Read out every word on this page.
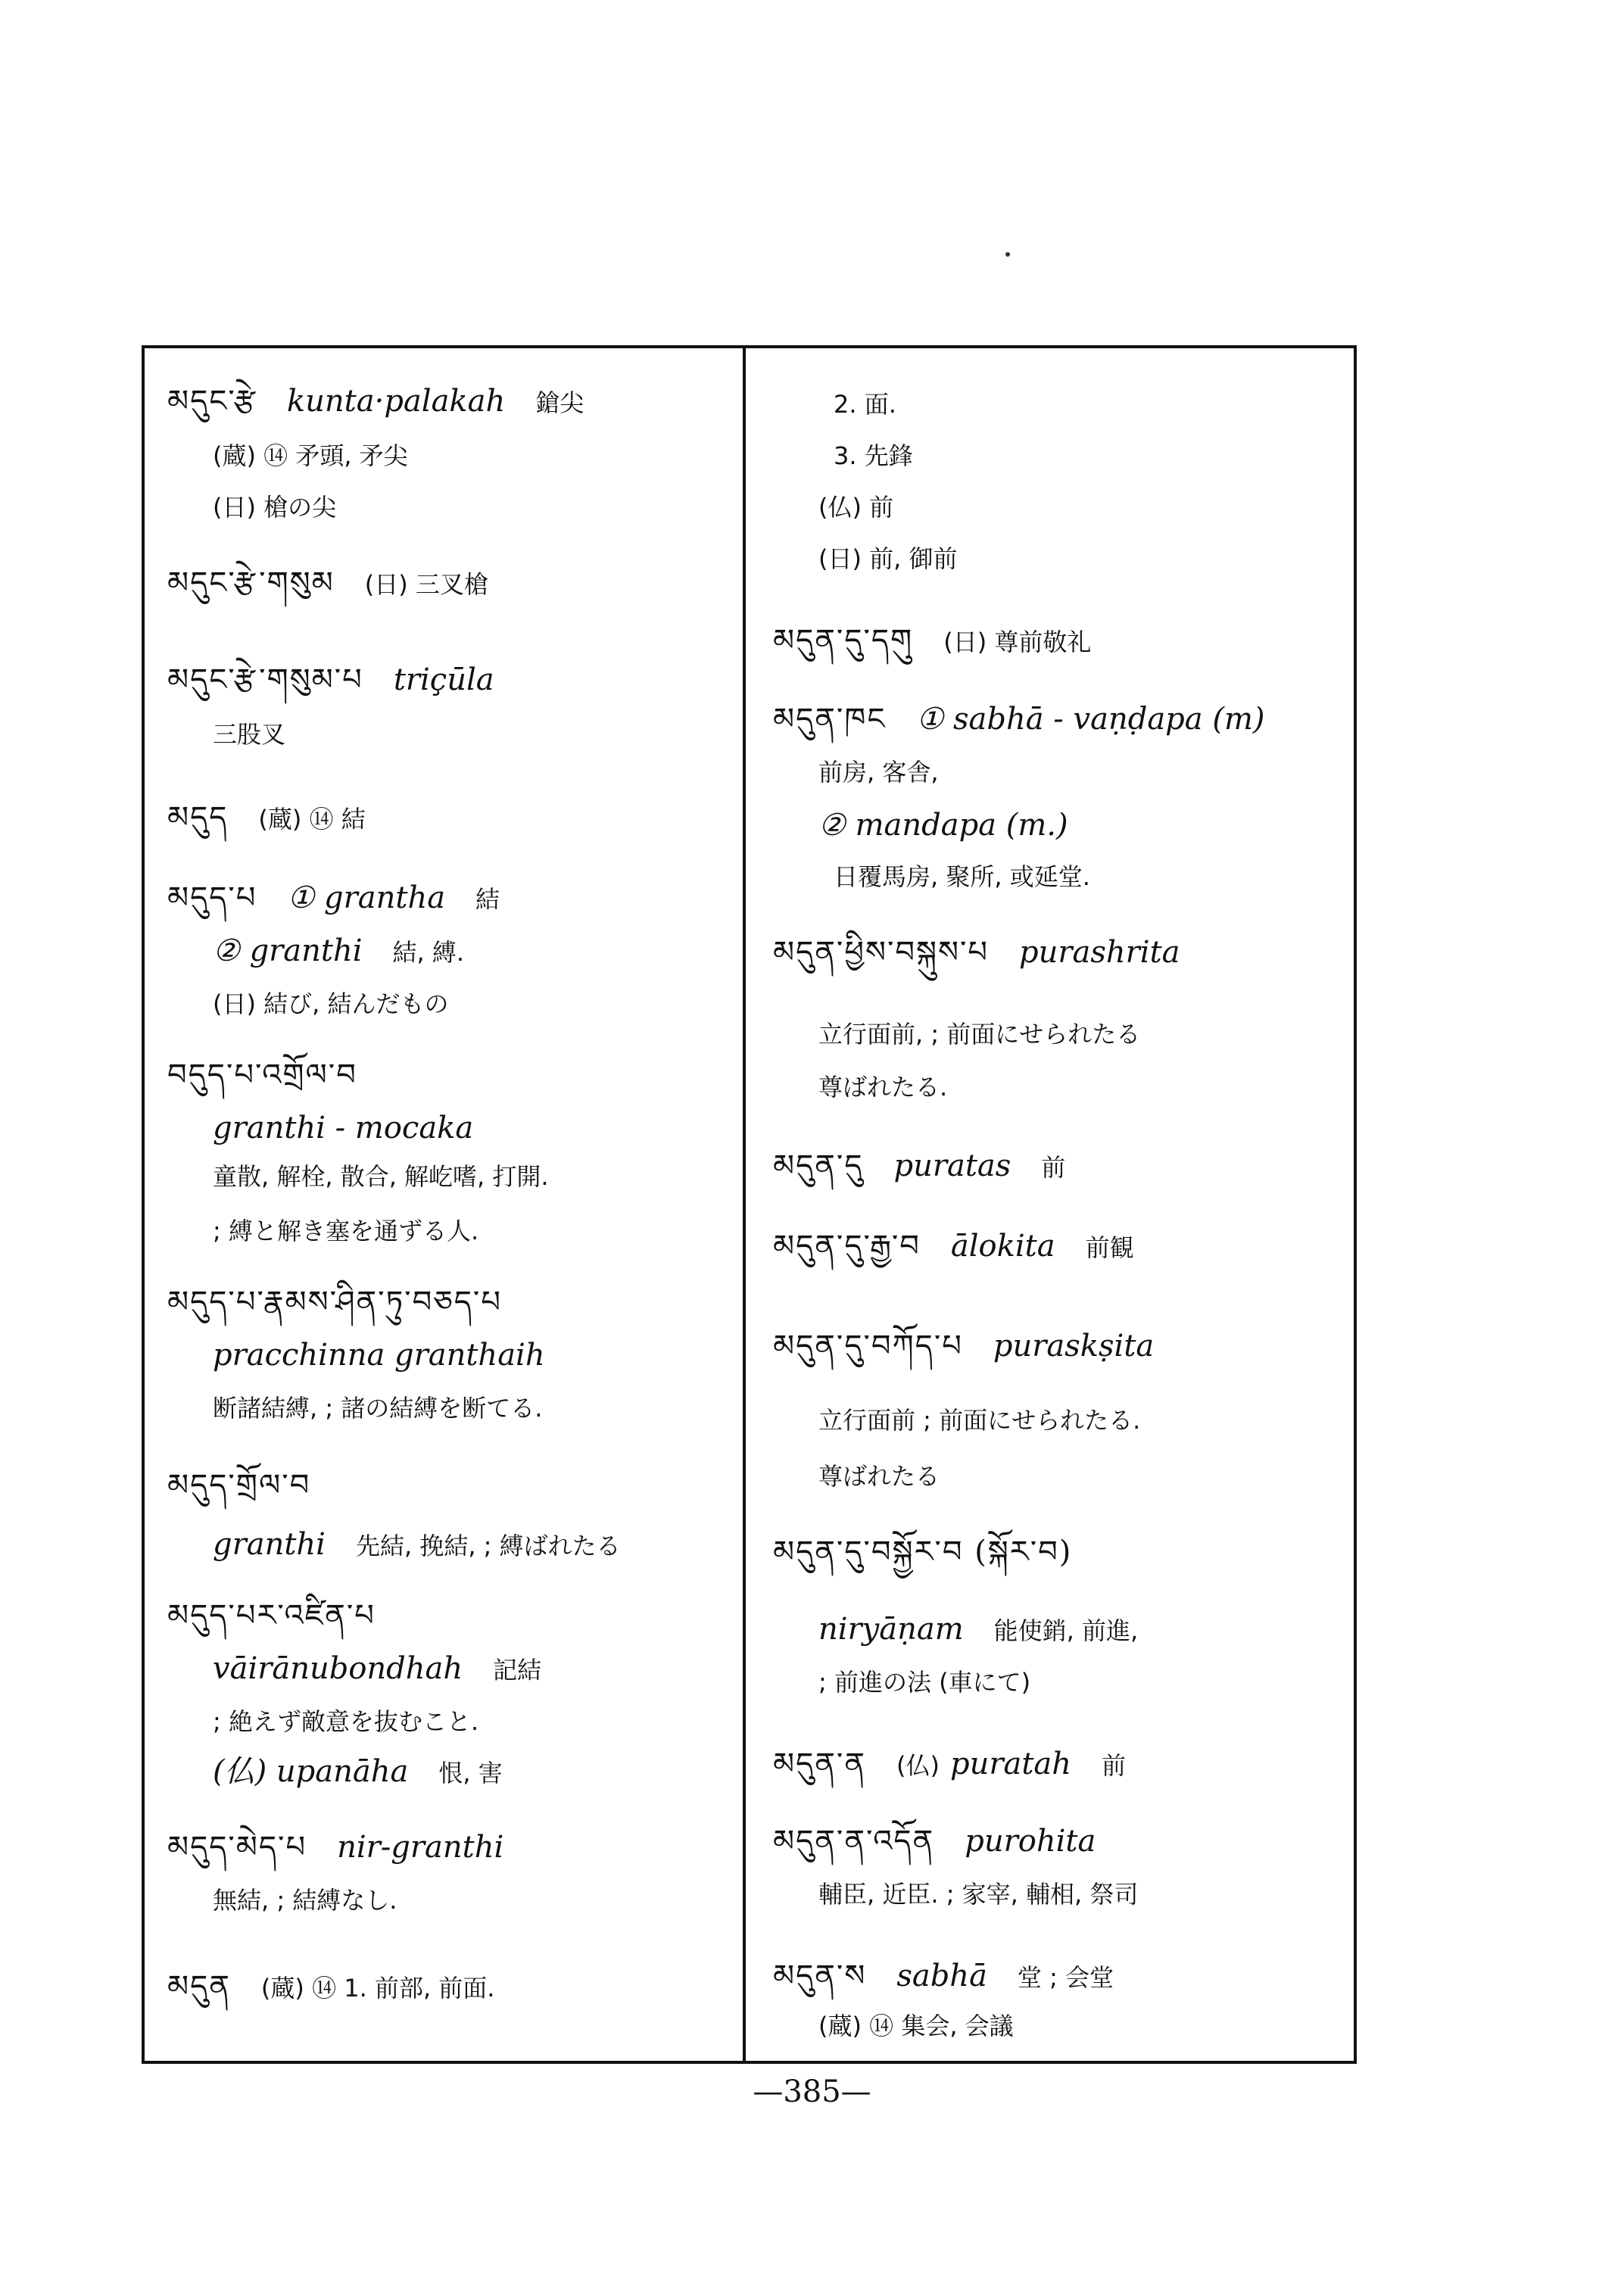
མདུང་རྩེ kunta·palakah 鎗尖
(蔵) ⑭ 矛頭, 矛尖
(日) 槍の尖
མདུང་རྩེ་གསུམ (日) 三叉槍
མདུང་རྩེ་གསུམ་པ triçūla
三股叉
མདུད (蔵) ⑭ 結
མདུད་པ ① grantha 結
② granthi 結, 縛.
(日) 結び, 結んだもの
བདུད་པ་འགྲོལ་བ
granthi - mocaka
童散, 解栓, 散合, 解屹嗜, 打開.
; 縛と解き塞を通ずる人.
མདུད་པ་རྣམས་ཤིན་ཏུ་བཅད་པ
pracchinna granthaih
断諸結縛, ; 諸の結縛を断てる.
མདུད་གྲོལ་བ
granthi 先結, 挽結, ; 縛ばれたる
མདུད་པར་འཛིན་པ
vāirānubondhah 記結
; 絶えず敵意を抜むこと.
(仏) upanāha 恨, 害
མདུད་མེད་པ nir-granthi
無結, ; 結縛なし.
མདུན (蔵) ⑭ 1. 前部, 前面.
2. 面.
3. 先鋒
(仏) 前
(日) 前, 御前
མདུན་དུ་དགུ (日) 尊前敬礼
མདུན་ཁང ① sabhā - vaṇḍapa (m)
前房, 客舎,
② mandapa (m.)
日覆馬房, 聚所, 或延堂.
མདུན་ཕྱིས་བསྐུས་པ purashrita
立行面前, ; 前面にせられたる
尊ばれたる.
མདུན་དུ puratas 前
མདུན་དུ་རྒྱ་བ ālokita 前観
མདུན་དུ་བཀོད་པ puraskṣita
立行面前 ; 前面にせられたる.
尊ばれたる
མདུན་དུ་བསྐྱོར་བ (སྐོར་བ)
niryāṇam 能使銷, 前進,
; 前進の法 (車にて)
མདུན་ན (仏) puratah 前
མདུན་ན་འདོན purohita
輔臣, 近臣. ; 家宰, 輔相, 祭司
མདུན་ས sabhā 堂 ; 会堂
(蔵) ⑭ 集会, 会議
—385—
